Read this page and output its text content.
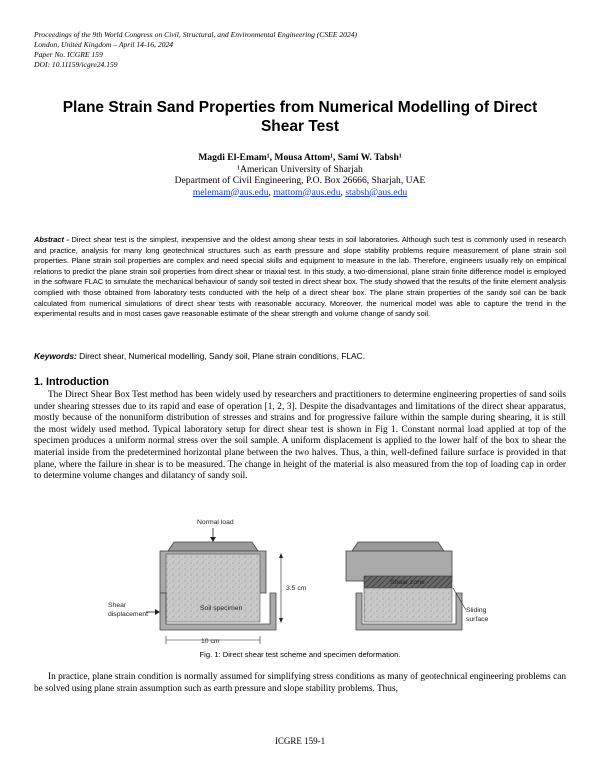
Proceedings of the 9th World Congress on Civil, Structural, and Environmental Engineering (CSEE 2024)
London, United Kingdom – April 14-16, 2024
Paper No. ICGRE 159
DOI: 10.11159/icgre24.159
Plane Strain Sand Properties from Numerical Modelling of Direct Shear Test
Magdi El-Emam¹, Mousa Attom¹, Sami W. Tabsh¹
¹American University of Sharjah
Department of Civil Engineering, P.O. Box 26666, Sharjah, UAE
melemam@aus.edu, mattom@aus.edu, stabsh@aus.edu
Abstract - Direct shear test is the simplest, inexpensive and the oldest among shear tests in soil laboratories. Although such test is commonly used in research and practice, analysis for many long geotechnical structures such as earth pressure and slope stability problems require measurement of plane strain soil properties. Plane strain soil properties are complex and need special skills and equipment to measure in the lab. Therefore, engineers usually rely on empirical relations to predict the plane strain soil properties from direct shear or triaxial test. In this study, a two-dimensional, plane strain finite difference model is employed in the software FLAC to simulate the mechanical behaviour of sandy soil tested in direct shear box. The study showed that the results of the finite element analysis complied with those obtained from laboratory tests conducted with the help of a direct shear box. The plane strain properties of the sandy soil can be back calculated from numerical simulations of direct shear tests with reasonable accuracy. Moreover, the numerical model was able to capture the trend in the experimental results and in most cases gave reasonable estimate of the shear strength and volume change of sandy soil.
Keywords: Direct shear, Numerical modelling, Sandy soil, Plane strain conditions, FLAC.
1. Introduction
The Direct Shear Box Test method has been widely used by researchers and practitioners to determine engineering properties of sand soils under shearing stresses due to its rapid and ease of operation [1, 2, 3]. Despite the disadvantages and limitations of the direct shear apparatus, mostly because of the nonuniform distribution of stresses and strains and for progressive failure within the sample during shearing, it is still the most widely used method. Typical laboratory setup for direct shear test is shown in Fig 1. Constant normal load applied at top of the specimen produces a uniform normal stress over the soil sample. A uniform displacement is applied to the lower half of the box to shear the material inside from the predetermined horizontal plane between the two halves. Thus, a thin, well-defined failure surface is provided in that plane, where the failure in shear is to be measured. The change in height of the material is also measured from the top of loading cap in order to determine volume changes and dilatancy of sandy soil.
Normal load
3.5 cm
Shear
displacement
Soil specimen
10 cm
Shear zone
Sliding
surface
Fig. 1: Direct shear test scheme and specimen deformation.
In practice, plane strain condition is normally assumed for simplifying stress conditions as many of geotechnical engineering problems can be solved using plane strain assumption such as earth pressure and slope stability problems. Thus,
ICGRE 159-1
